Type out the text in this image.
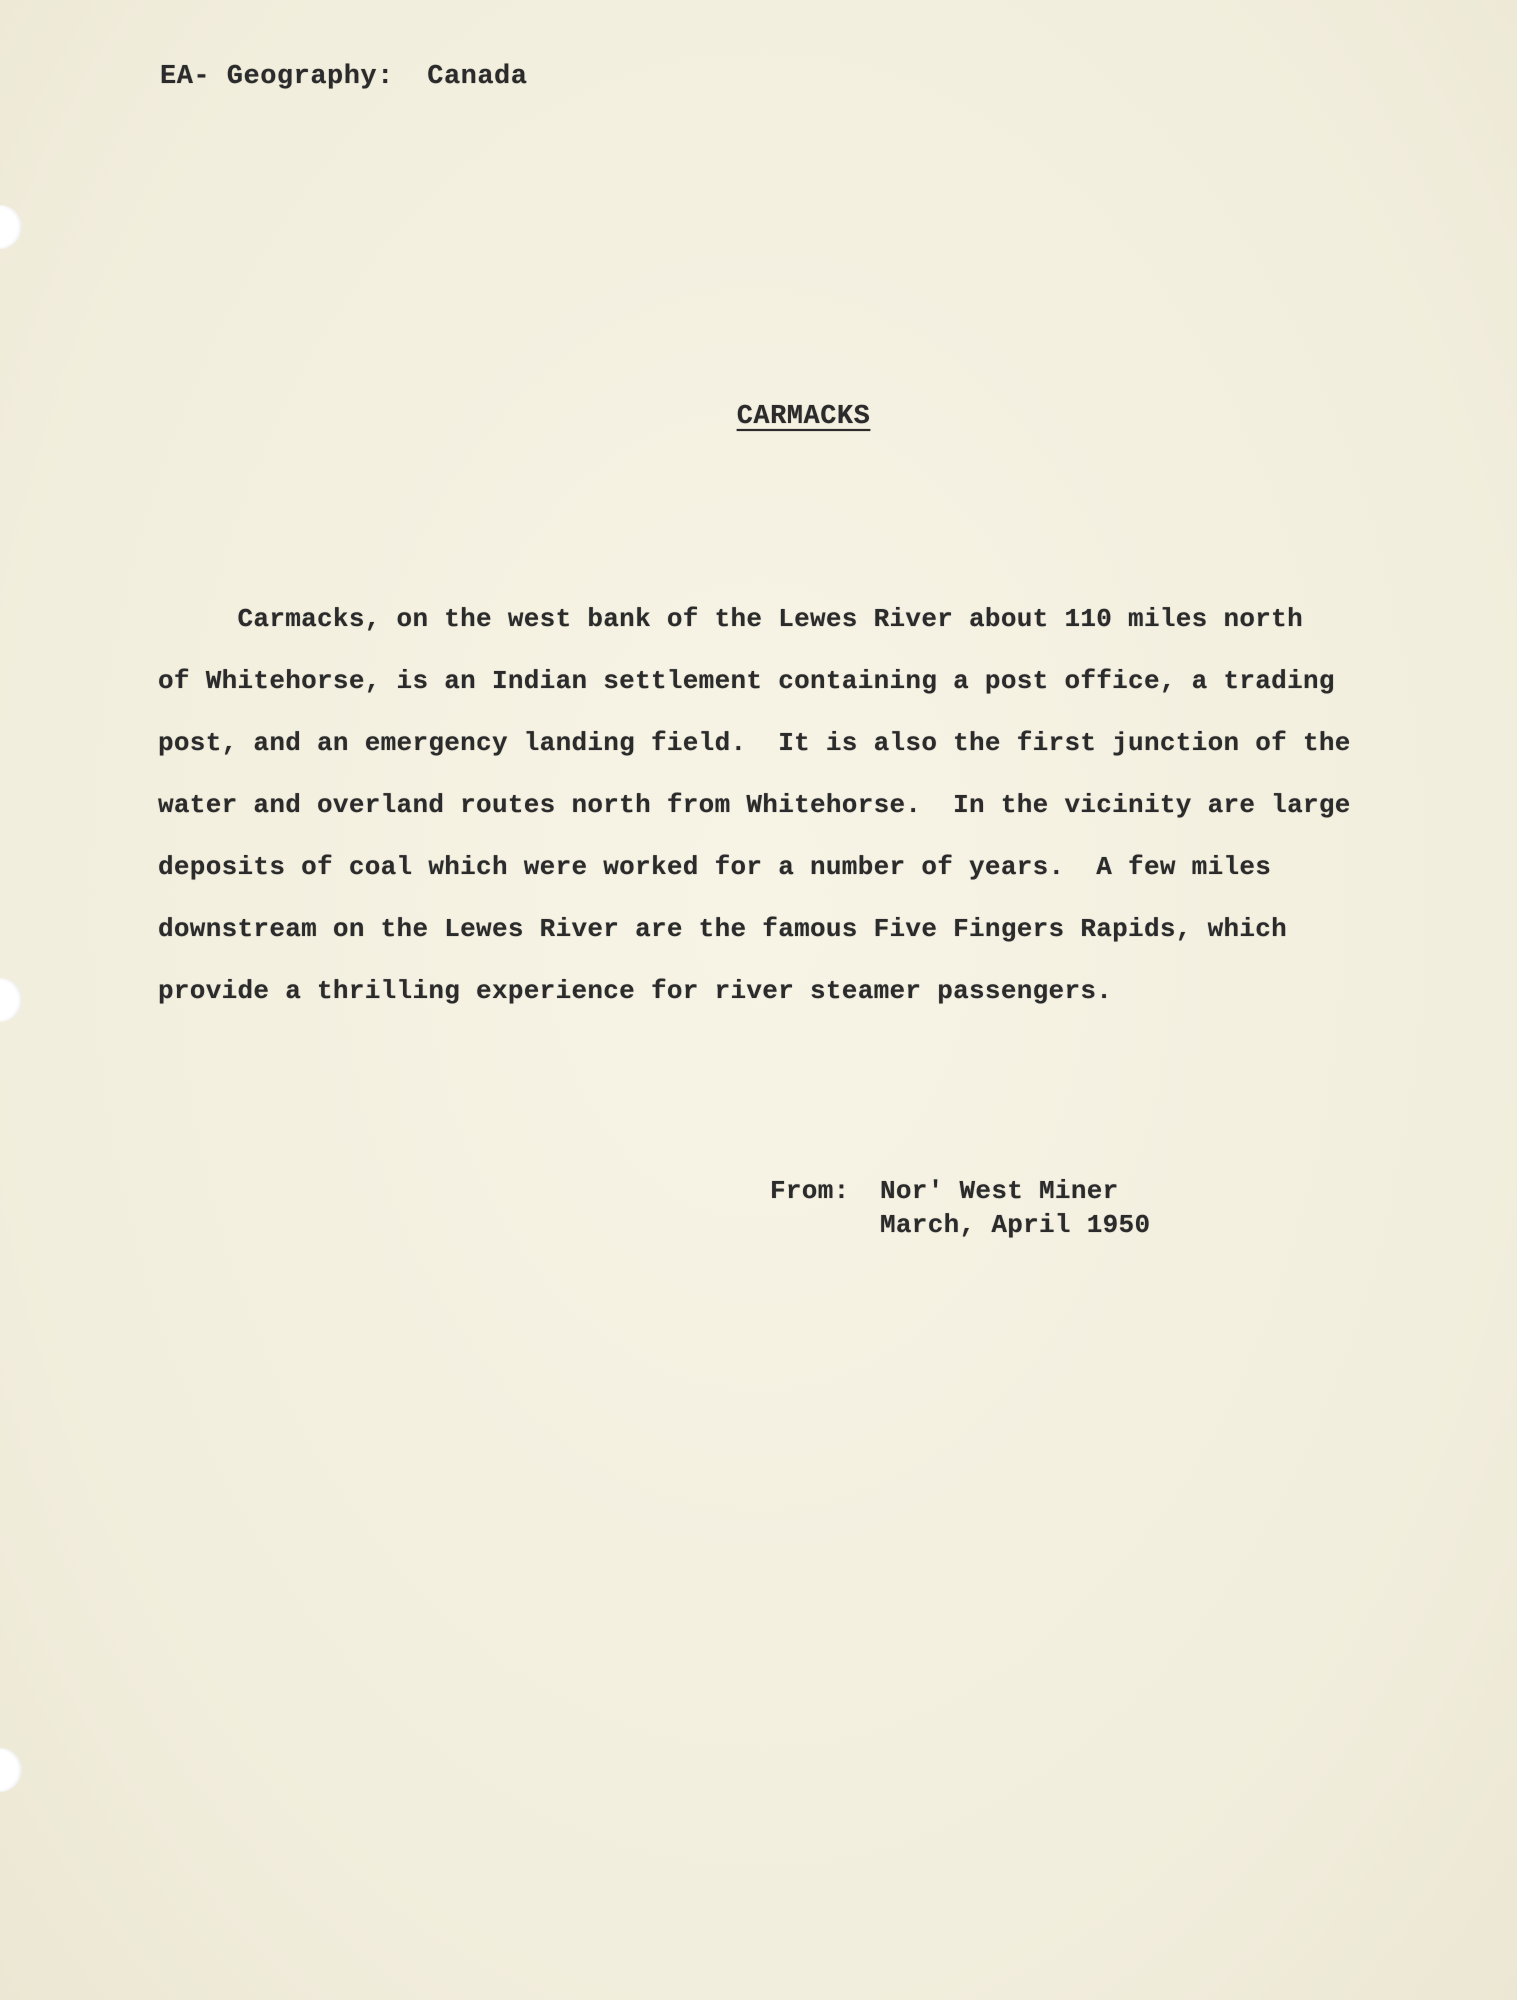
EA- Geography:  Canada
CARMACKS
Carmacks, on the west bank of the Lewes River about 110 miles north
of Whitehorse, is an Indian settlement containing a post office, a trading
post, and an emergency landing field.  It is also the first junction of the
water and overland routes north from Whitehorse.  In the vicinity are large
deposits of coal which were worked for a number of years.  A few miles
downstream on the Lewes River are the famous Five Fingers Rapids, which
provide a thrilling experience for river steamer passengers.
From: Nor' West Miner
March, April 1950
